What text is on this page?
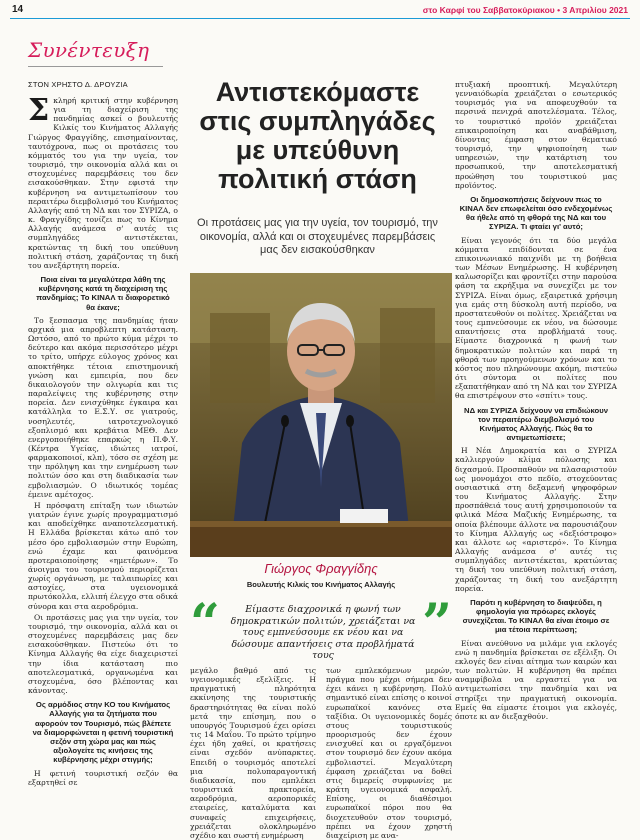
14	στο Καρφί του Σαββατοκύριακου • 3 Απριλίου 2021
Συνέντευξη
ΣΤΟΝ ΧΡΗΣΤΟ Δ. ΔΡΟΥΖΙΑ

Σκληρή κριτική στην κυβέρνηση για τη διαχείριση της πανδημίας ασκεί ο βουλευτής Κιλκίς του Κινήματος Αλλαγής Γιώργος Φραγγίδης, επισημαίνοντας, ταυτόχρονα, πως οι προτάσεις του κόμματός του για την υγεία, τον τουρισμό, την οικονομία αλλά και οι στοχευμένες παρεμβάσεις του δεν εισακούσθηκαν. Στην εφιστά την κυβέρνηση να αντιμετωπίσουν του περαιτέρω διεμβολισμό του Κινήματος Αλλαγής από τη ΝΔ και τον ΣΥΡΙΖΑ, ο κ. Φραγγίδης τονίζει πως το Κίνημα Αλλαγής ανάμεσα σ' αυτές τις συμπληγάδες αντιστέκεται, κρατώντας τη δική του υπεύθυνη πολιτική στάση, χαράζοντας τη δική του ανεξάρτητη πορεία.

Ποια είναι τα μεγαλύτερα λάθη της κυβέρνησης κατά τη διαχείριση της πανδημίας; Το ΚΙΝΑΛ τι διαφορετικό θα έκανε;

Το ξεσπασμα της πανδημίας ήταν αρχικά μια απροβλεπτη κατάσταση. Ωστόσο, από το πρώτο κύμα μέχρι το δεύτερο και ακόμα περισσότερο μέχρι το τρίτο, υπήρχε εύλογος χρόνος και αποκτήθηκε τέτοια επιστημονική γνώση και εμπειρία, που δεν δικαιολογούν την ολιγωρία και τις παραλείψεις της κυβέρνησης στην πορεία. Δεν ενισχύθηκε έγκαιρα και κατάλληλα το Ε.Σ.Υ. σε γιατρούς, νοσηλευτές, ιατροτεχνολογικό εξοπλισμό και κρεβάτια ΜΕΘ. Δεν ενεργοποιήθηκε επαρκώς η Π.Φ.Υ. (Κέντρα Υγείας, ιδιώτες ιατροί, φαρμακοποιοί, κλπ), τόσο σε σχέση με την πρόληψη και την ενημέρωση των πολιτών όσο και στη διαδικασία των εμβολιασμών. Ο ιδιωτικός τομέας έμεινε αμέτοχος.

Η πρόσφατη επίταξη των ιδιωτών γιατρών έγινε χωρίς προγραμματισμό και αποδείχθηκε αναποτελεσματική. Η Ελλάδα βρίσκεται κάτω από τον μέσο όρο εμβολιασμών στην Ευρώπη, ενώ έχαμε και φαινόμενα προτεραιοποίησης «ημετέρων». Το άνοιγμα του τουρισμού περιορίζεται χωρίς οργάνωση, με ταλαιπωρίες και αστοχίες, στα υγειονομικά πρωτόκολλα, ελλιπή έλεγχο στα οδικά σύνορα και στα αεροδρόμια.

Οι προτάσεις μας για την υγεία, τον τουρισμό, την οικονομία, αλλά και οι στοχευμένες παρεμβάσεις μας δεν εισακούσθηκαν. Πιστεύω ότι το Κίνημα Αλλαγής θα είχε διαχειριστεί την ίδια κατάσταση πιο αποτελεσματικά, οργανωμένα και στοχευμένα, όσο βλέποντας και κάνοντας.

Ος αρμόδιος στην ΚΟ του Κινήματος Αλλαγής για τα ζητήματα που αφορούν τον Τουρισμό, πώς βλέπετε να διαμορφώνεται η φετινή τουριστική σεζόν στη χώρα μας και πώς αξιολογείτε τις κινήσεις της κυβέρνησης μέχρι στιγμής;

Η φετινή τουριστική σεζόν θα εξαρτηθεί σε

Αντιστεκόμαστε στις συμπληγάδες με υπεύθυνη πολιτική στάση
Οι προτάσεις μας για την υγεία, τον τουρισμό, την οικονομία, αλλά και οι στοχευμένες παρεμβάσεις μας δεν εισακούσθηκαν
Γιώργος Φραγγίδης
Βουλευτής Κιλκίς του Κινήματος Αλλαγής
“	Είμαστε διαχρονικά η φωνή των δημοκρατικών πολιτών, χρειάζεται να τους εμπνεύσουμε εκ νέου και να δώσουμε απαντήσεις στα προβλήματά τους
”

μεγάλο βαθμό από τις υγειονομικές εξελίξεις. Η πραγματική πληρότητα εκκίνησης της τουριστικής δραστηριότητας θα είναι πολύ μετά την επίσημη, που ο υπουργός Τουρισμού έχει ορίσει τις 14 Μαΐου. Το πρώτο τρίμηνο έχει ήδη χαθεί, οι κρατήσεις είναι σχεδόν ανύπαρκτες. Επειδή ο τουρισμός αποτελεί μια πολυπαραγοντική διαδικασία, που εμπλέκει τουριστικά πρακτορεία, αεροδρόμια, αεροπορικές εταιρείες, καταλύματα και συναφείς επιχειρήσεις, χρειάζεται ολοκληρωμένο σχέδιο και σωστή ενημέρωση

των εμπλεκόμενων μερών, πράγμα που μέχρι σήμερα δεν έχει κάνει η κυβέρνηση. Πολύ σημαντικό είναι επίσης ο κοινοί ευρωπαϊκοί κανόνες στα ταξίδια. Οι υγειονομικές δομές στους τουριστικούς προορισμούς δεν έχουν ενισχυθεί και οι εργαζόμενοι στον τουρισμό δεν έχουν ακόμα εμβολιαστεί. Μεγαλύτερη έμφαση χρειάζεται να δοθεί στις διμερείς συμφωνίες με κράτη υγειονομικά ασφαλή. Επίσης, οι διαθέσιμοι ευρωπαϊκοί πόροι που θα διοχετευθούν στον τουρισμό, πρέπει να έχουν χρηστή διαχείριση με ανα-

πτυξιακή προοπτική. Μεγαλύτερη γενναιόδωρία χρειάζεται ο εσωτερικός τουρισμός για να αποφευχθούν τα περσινά πενιχρά αποτελέσματα. Τέλος, το τουριστικό προϊόν χρειάζεται επικαιροποίηση και αναβάθμιση, δίνοντας έμφαση στον θεματικό τουρισμό, την ψηφιοποίηση των υπηρεσιών, την κατάρτιση του προσωπικού, την αποτελεσματική προώθηση του τουριστικού μας προϊόντος.

Οι δημοσκοπήσεις δείχνουν πως το ΚΙΝΑΛ δεν επωφελείται όσο ενδεχομένως θα ήθελε από τη φθορά της ΝΔ και του ΣΥΡΙΖΑ. Τι φταίει γι' αυτό;

Είναι γεγονός ότι τα δύο μεγάλα κόμματα επιδίδονται σε ένα επικοινωνιακό παιχνίδι με τη βοήθεια των Μέσων Ενημέρωσης. Η κυβέρνηση καλωσορίζει και φροντίζει στην παρούσα φάση τα εκρήξιμα να συνεχίζει με τον ΣΥΡΙΖΑ. Είναι όμως, εξαιρετικά χρήσιμη για εμάς στη δύσκολη αυτή περίοδο, να προστατευθούν οι πολίτες. Χρειάζεται να τους εμπνεύσουμε εκ νέου, να δώσουμε απαντήσεις στα προβλήματά τους. Είμαστε διαχρονικά η φωνή των δημοκρατικών πολιτών και παρά τη φθορά των προηγούμενων χρόνων και το κόστος που πληρώνουμε ακόμη, πιστεύω ότι σύντομα οι πολίτες που εξαπατήθηκαν από τη ΝΔ και τον ΣΥΡΙΖΑ θα επιστρέψουν στο «σπίτι» τους.

ΝΔ και ΣΥΡΙΖΑ δείχνουν να επιδιώκουν τον περαιτέρω διεμβολισμό του Κινήματος Αλλαγής. Πώς θα το αντιμετωπίσετε;

Η Νέα Δημοκρατία και ο ΣΥΡΙΖΑ καλλιεργούν κλίμα πόλωσης και διχασμού. Προσπαθούν να πλασαριστούν ως μονομάχοι στο πεδίο, στοχεύοντας ουσιαστικά στη δεξαμενή ψηφοφόρων του Κινήματος Αλλαγής. Στην προσπάθειά τους αυτή χρησιμοποιούν τα φιλικά Μέσα Μαζικής Ενημέρωσης, τα οποία βλέπουμε άλλοτε να παρουσιάζουν το Κίνημα Αλλαγής ως «δεξιόστροφο» και άλλοτε ως «αριστερό». Το Κίνημα Αλλαγής ανάμεσα σ' αυτές τις συμπληγάδες αντιστέκεται, κρατώντας τη δική του υπεύθυνη πολιτική στάση, χαράζοντας τη δική του ανεξάρτητη πορεία.

Παρότι η κυβέρνηση το διαψεύδει, η φημολογία για πρόωρες εκλογές συνεχίζεται. Το ΚΙΝΑΛ θα είναι έτοιμο σε μια τέτοια περίπτωση;

Είναι ανεύθυνο να μιλάμε για εκλογές ενώ η πανδημία βρίσκεται σε εξέλιξη. Οι εκλογές δεν είναι αίτημα των καιρών και των πολιτών. Η κυβέρνηση θα πρέπει αναμφίβολα να εργαστεί για να αντιμετωπίσει την πανδημία και να στηρίξει την πραγματική οικονομία. Εμείς θα είμαστε έτοιμοι για εκλογές, όποτε κι αν διεξαχθούν.
